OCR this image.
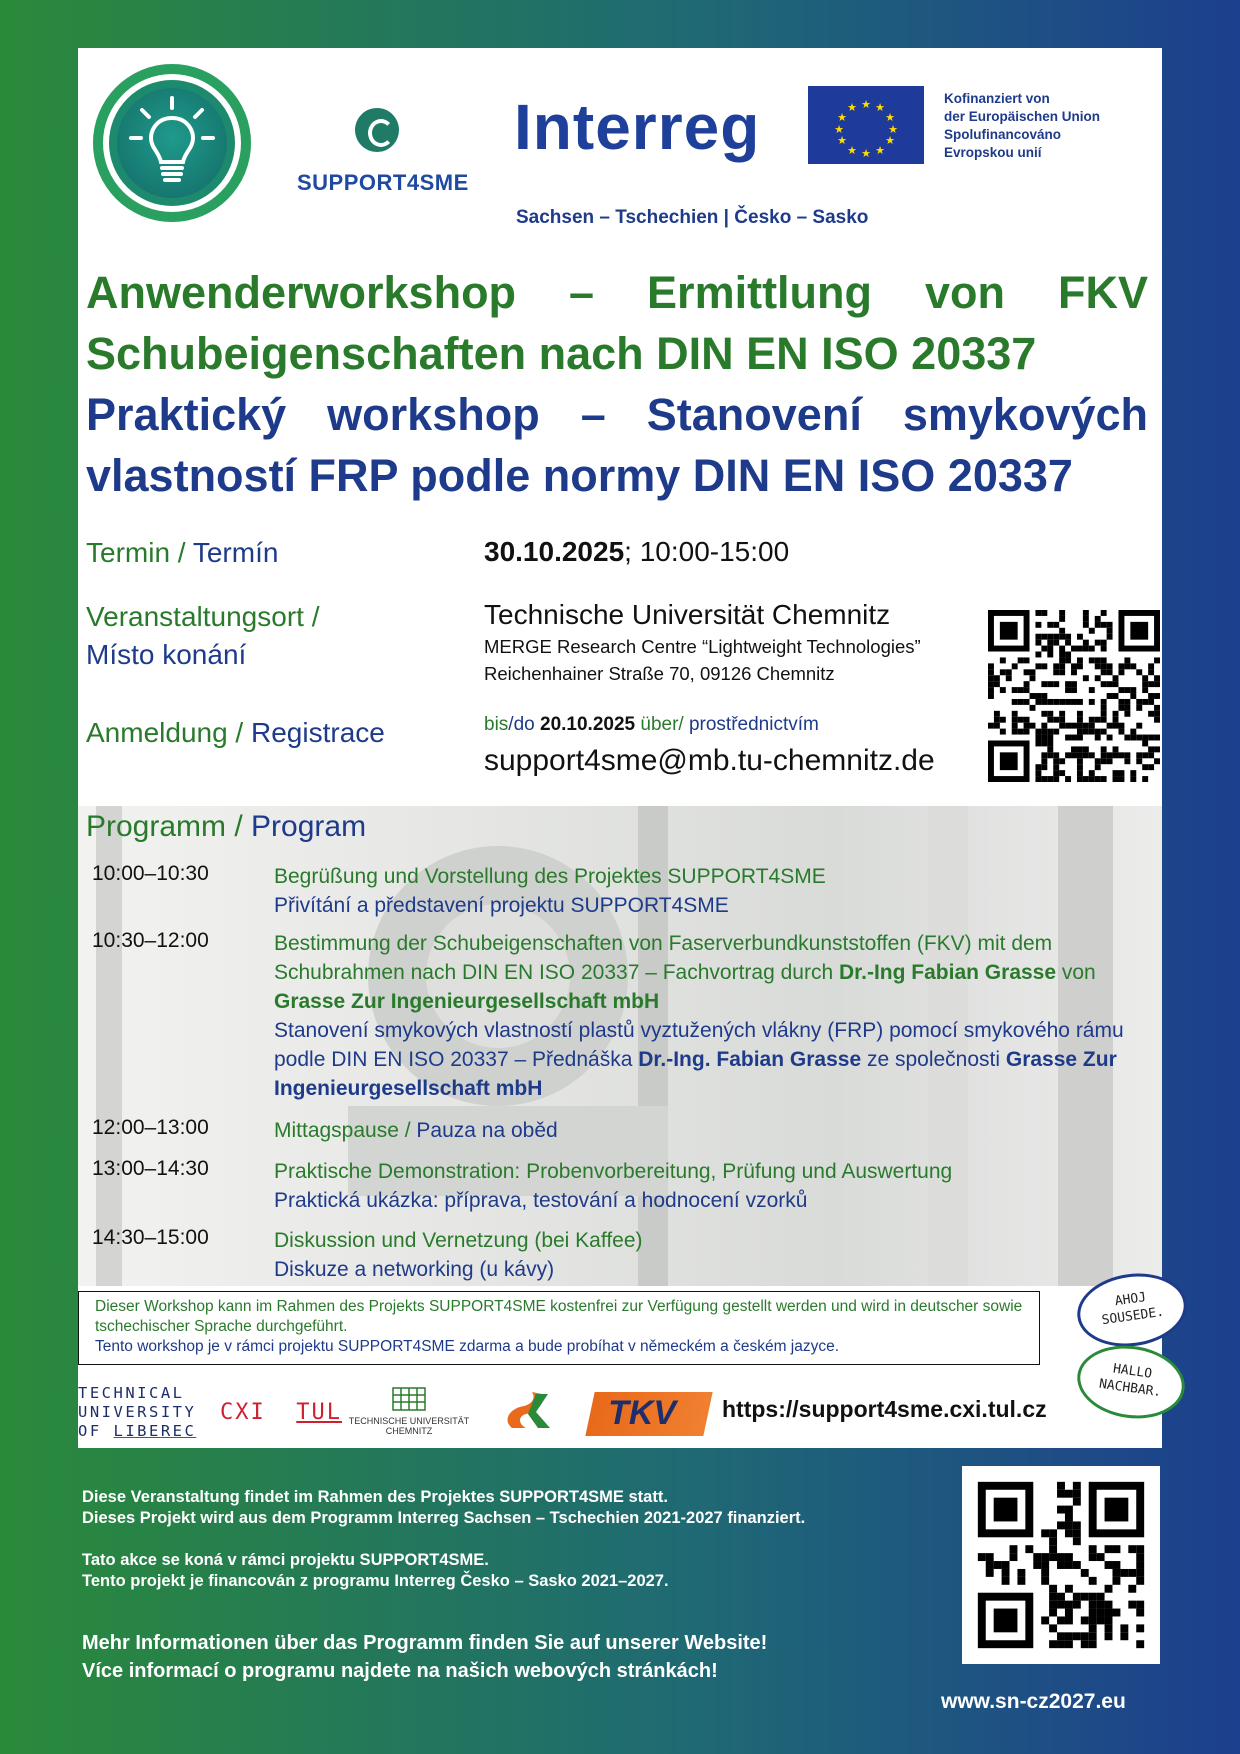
SUPPORT4SME
Interreg	★ ★
★
★
★
★
★
★
★
★
★
★
Kofinanziert von
der Europäischen Union
Spolufinancováno
Evropskou unií
Sachsen – Tschechien | Česko – Sasko
Anwenderworkshop – Ermittlung von FKV
Schubeigenschaften nach DIN EN ISO 20337
Praktický workshop – Stanovení smykových
vlastností FRP podle normy DIN EN ISO 20337
Termin / Termín	30.10.2025; 10:00-15:00
Veranstaltungsort /
Místo konání
Technische Universität Chemnitz
MERGE Research Centre “Lightweight Technologies”
Reichenhainer Straße 70, 09126 Chemnitz
Anmeldung / Registrace	bis/do 20.10.2025 über/ prostřednictvím
support4sme@mb.tu-chemnitz.de
Programm / Program
10:00–10:30	Begrüßung und Vorstellung des Projektes SUPPORT4SME
Přivítání a představení projektu SUPPORT4SME
10:30–12:00	Bestimmung der Schubeigenschaften von Faserverbundkunststoffen (FKV) mit dem Schubrahmen nach DIN EN ISO 20337 – Fachvortrag durch Dr.-Ing Fabian Grasse von Grasse Zur Ingenieurgesellschaft mbH
Stanovení smykových vlastností plastů vyztužených vlákny (FRP) pomocí smykového rámu podle DIN EN ISO 20337 – Přednáška Dr.-Ing. Fabian Grasse ze společnosti Grasse Zur Ingenieurgesellschaft mbH
12:00–13:00	Mittagspause / Pauza na oběd
13:00–14:30	Praktische Demonstration: Probenvorbereitung, Prüfung und Auswertung
Praktická ukázka: příprava, testování a hodnocení vzorků
14:30–15:00	Diskussion und Vernetzung (bei Kaffee)
Diskuze a networking (u kávy)
Dieser Workshop kann im Rahmen des Projekts SUPPORT4SME kostenfrei zur Verfügung gestellt werden und wird in deutscher sowie tschechischer Sprache durchgeführt.
Tento workshop je v rámci projektu SUPPORT4SME zdarma a bude probíhat v německém a českém jazyce.
AHOJ SOUSEDE.
HALLO NACHBAR.
TECHNICAL
UNIVERSITY
OF LIBEREC
CXI TUL TECHNISCHE UNIVERSITÄT
CHEMNITZ	TKV https://support4sme.cxi.tul.cz
Diese Veranstaltung findet im Rahmen des Projektes SUPPORT4SME statt.
Dieses Projekt wird aus dem Programm Interreg Sachsen – Tschechien 2021-2027 finanziert.
Tato akce se koná v rámci projektu SUPPORT4SME.
Tento projekt je financován z programu Interreg Česko – Sasko 2021–2027.
Mehr Informationen über das Programm finden Sie auf unserer Website!
Více informací o programu najdete na našich webových stránkách!
www.sn-cz2027.eu
